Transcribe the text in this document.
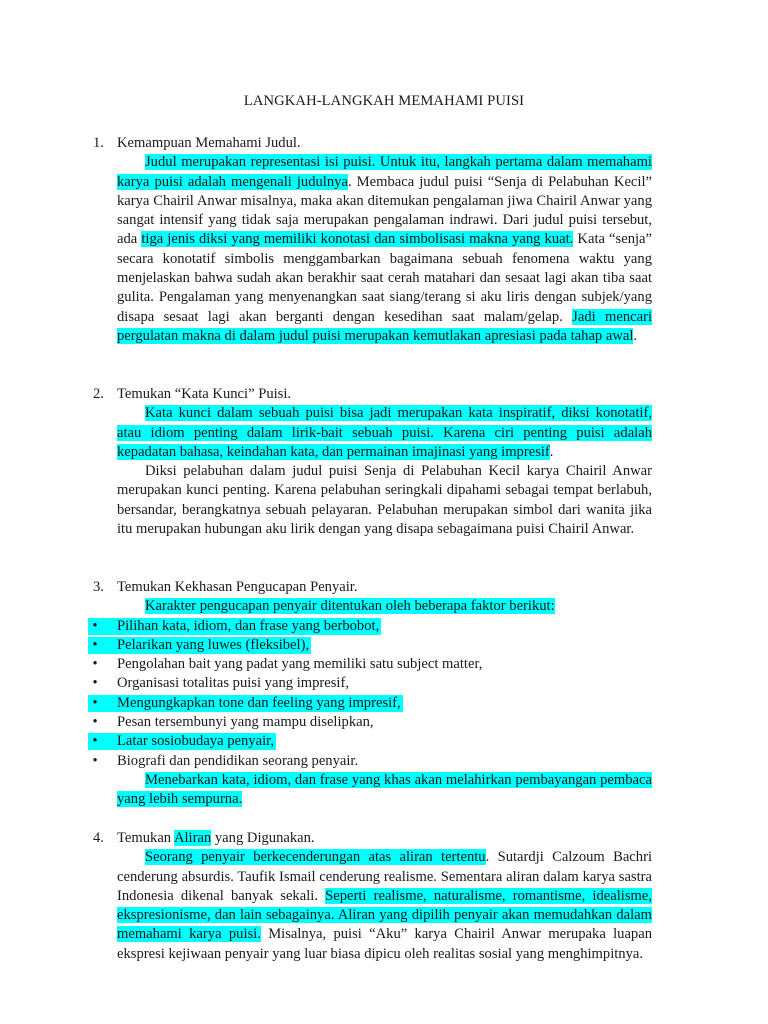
LANGKAH-LANGKAH MEMAHAMI PUISI
1. Kemampuan Memahami Judul.

Judul merupakan representasi isi puisi. Untuk itu, langkah pertama dalam memahami karya puisi adalah mengenali judulnya. Membaca judul puisi “Senja di Pelabuhan Kecil” karya Chairil Anwar misalnya, maka akan ditemukan pengalaman jiwa Chairil Anwar yang sangat intensif yang tidak saja merupakan pengalaman indrawi. Dari judul puisi tersebut, ada tiga jenis diksi yang memiliki konotasi dan simbolisasi makna yang kuat. Kata “senja” secara konotatif simbolis menggambarkan bagaimana sebuah fenomena waktu yang menjelaskan bahwa sudah akan berakhir saat cerah matahari dan sesaat lagi akan tiba saat gulita. Pengalaman yang menyenangkan saat siang/terang si aku liris dengan subjek/yang disapa sesaat lagi akan berganti dengan kesedihan saat malam/gelap. Jadi mencari pergulatan makna di dalam judul puisi merupakan kemutlakan apresiasi pada tahap awal.

2. Temukan “Kata Kunci” Puisi.

Kata kunci dalam sebuah puisi bisa jadi merupakan kata inspiratif, diksi konotatif, atau idiom penting dalam lirik-bait sebuah puisi. Karena ciri penting puisi adalah kepadatan bahasa, keindahan kata, dan permainan imajinasi yang impresif.

Diksi pelabuhan dalam judul puisi Senja di Pelabuhan Kecil karya Chairil Anwar merupakan kunci penting. Karena pelabuhan seringkali dipahami sebagai tempat berlabuh, bersandar, berangkatnya sebuah pelayaran. Pelabuhan merupakan simbol dari wanita jika itu merupakan hubungan aku lirik dengan yang disapa sebagaimana puisi Chairil Anwar.

3. Temukan Kekhasan Pengucapan Penyair.

Karakter pengucapan penyair ditentukan oleh beberapa faktor berikut:

• Pilihan kata, idiom, dan frase yang berbobot,
• Pelarikan yang luwes (fleksibel),
• Pengolahan bait yang padat yang memiliki satu subject matter,
• Organisasi totalitas puisi yang impresif,
• Mengungkapkan tone dan feeling yang impresif,
• Pesan tersembunyi yang mampu diselipkan,
• Latar sosiobudaya penyair,
• Biografi dan pendidikan seorang penyair.

Menebarkan kata, idiom, dan frase yang khas akan melahirkan pembayangan pembaca yang lebih sempurna.

4. Temukan Aliran yang Digunakan.

Seorang penyair berkecenderungan atas aliran tertentu. Sutardji Calzoum Bachri cenderung absurdis. Taufik Ismail cenderung realisme. Sementara aliran dalam karya sastra Indonesia dikenal banyak sekali. Seperti realisme, naturalisme, romantisme, idealisme, ekspresionisme, dan lain sebagainya. Aliran yang dipilih penyair akan memudahkan dalam memahami karya puisi. Misalnya, puisi “Aku” karya Chairil Anwar merupaka luapan ekspresi kejiwaan penyair yang luar biasa dipicu oleh realitas sosial yang menghimpitnya.
